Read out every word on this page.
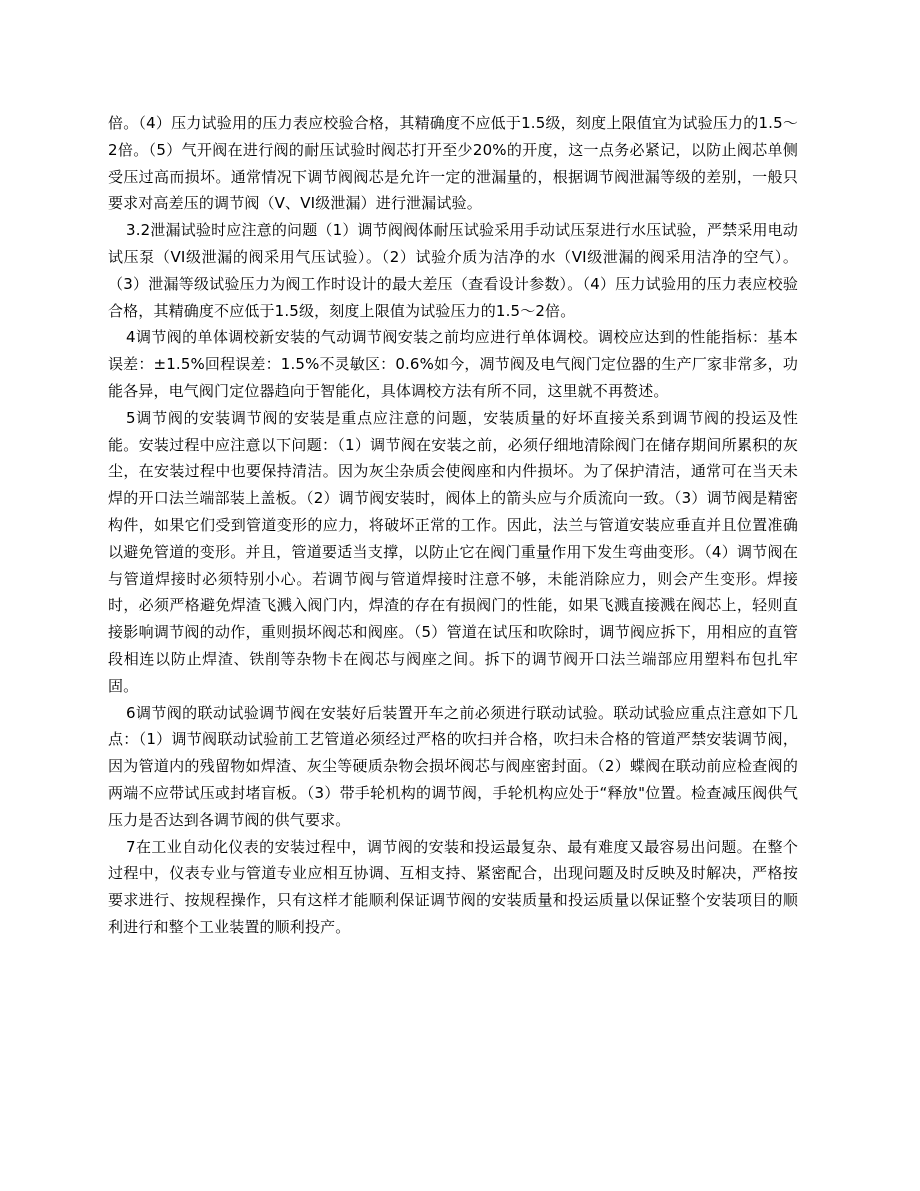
倍。（4）压力试验用的压力表应校验合格，其精确度不应低于1.5级，刻度上限值宜为试验压力的1.5～2倍。（5）气开阀在进行阀的耐压试验时阀芯打开至少20%的开度，这一点务必紧记，以防止阀芯单侧受压过高而损坏。通常情况下调节阀阀芯是允许一定的泄漏量的，根据调节阀泄漏等级的差别，一般只要求对高差压的调节阀（V、VI级泄漏）进行泄漏试验。

3.2泄漏试验时应注意的问题（1）调节阀阀体耐压试验采用手动试压泵进行水压试验，严禁采用电动试压泵（VI级泄漏的阀采用气压试验）。（2）试验介质为洁净的水（VI级泄漏的阀采用洁净的空气）。（3）泄漏等级试验压力为阀工作时设计的最大差压（查看设计参数）。（4）压力试验用的压力表应校验合格，其精确度不应低于1.5级，刻度上限值为试验压力的1.5～2倍。

4调节阀的单体调校新安装的气动调节阀安装之前均应进行单体调校。调校应达到的性能指标：基本误差：±1.5%回程误差：1.5%不灵敏区：0.6%如今，凋节阀及电气阀门定位器的生产厂家非常多，功能各异，电气阀门定位器趋向于智能化，具体调校方法有所不同，这里就不再赘述。

5调节阀的安装调节阀的安装是重点应注意的问题，安装质量的好坏直接关系到调节阀的投运及性能。安装过程中应注意以下问题：（1）调节阀在安装之前，必须仔细地清除阀门在储存期间所累积的灰尘，在安装过程中也要保持清洁。因为灰尘杂质会使阀座和内件损坏。为了保护清洁，通常可在当天未焊的开口法兰端部装上盖板。（2）调节阀安装时，阀体上的箭头应与介质流向一致。（3）调节阀是精密构件，如果它们受到管道变形的应力，将破坏正常的工作。因此，法兰与管道安装应垂直并且位置准确以避免管道的变形。并且，管道要适当支撑，以防止它在阀门重量作用下发生弯曲变形。（4）调节阀在与管道焊接时必须特别小心。若调节阀与管道焊接时注意不够，未能消除应力，则会产生变形。焊接时，必须严格避免焊渣飞溅入阀门内，焊渣的存在有损阀门的性能，如果飞溅直接溅在阀芯上，轻则直接影响调节阀的动作，重则损坏阀芯和阀座。（5）管道在试压和吹除时，调节阀应拆下，用相应的直管段相连以防止焊渣、铁削等杂物卡在阀芯与阀座之间。拆下的调节阀开口法兰端部应用塑料布包扎牢固。

6调节阀的联动试验调节阀在安装好后装置开车之前必须进行联动试验。联动试验应重点注意如下几点：（1）调节阀联动试验前工艺管道必须经过严格的吹扫并合格，吹扫未合格的管道严禁安装调节阀，因为管道内的残留物如焊渣、灰尘等硬质杂物会损坏阀芯与阀座密封面。（2）蝶阀在联动前应检查阀的两端不应带试压或封堵盲板。（3）带手轮机构的调节阀，手轮机构应处于“释放"位置。检查减压阀供气压力是否达到各调节阀的供气要求。

7在工业自动化仪表的安装过程中，调节阀的安装和投运最复杂、最有难度又最容易出问题。在整个过程中，仪表专业与管道专业应相互协调、互相支持、紧密配合，出现问题及时反映及时解决，严格按要求进行、按规程操作，只有这样才能顺利保证调节阀的安装质量和投运质量以保证整个安装项目的顺利进行和整个工业装置的顺利投产。
